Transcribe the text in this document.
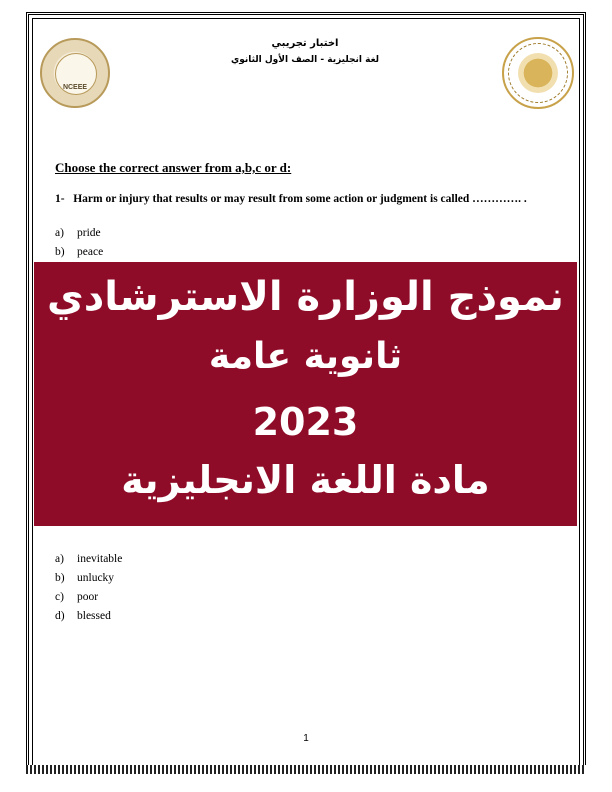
NCEEE
اختبار تجريبي
لغة انجليزية - الصف الأول الثانوي

Choose the correct answer from a,b,c or d:

1- Harm or injury that results or may result from some action or judgment is called …………. .
a)	pride
b)	peace
نموذج الوزارة الاسترشادي
ثانوية عامة
2023
مادة اللغة الانجليزية
a)	inevitable
b)	unlucky
c)	poor
d)	blessed
1
